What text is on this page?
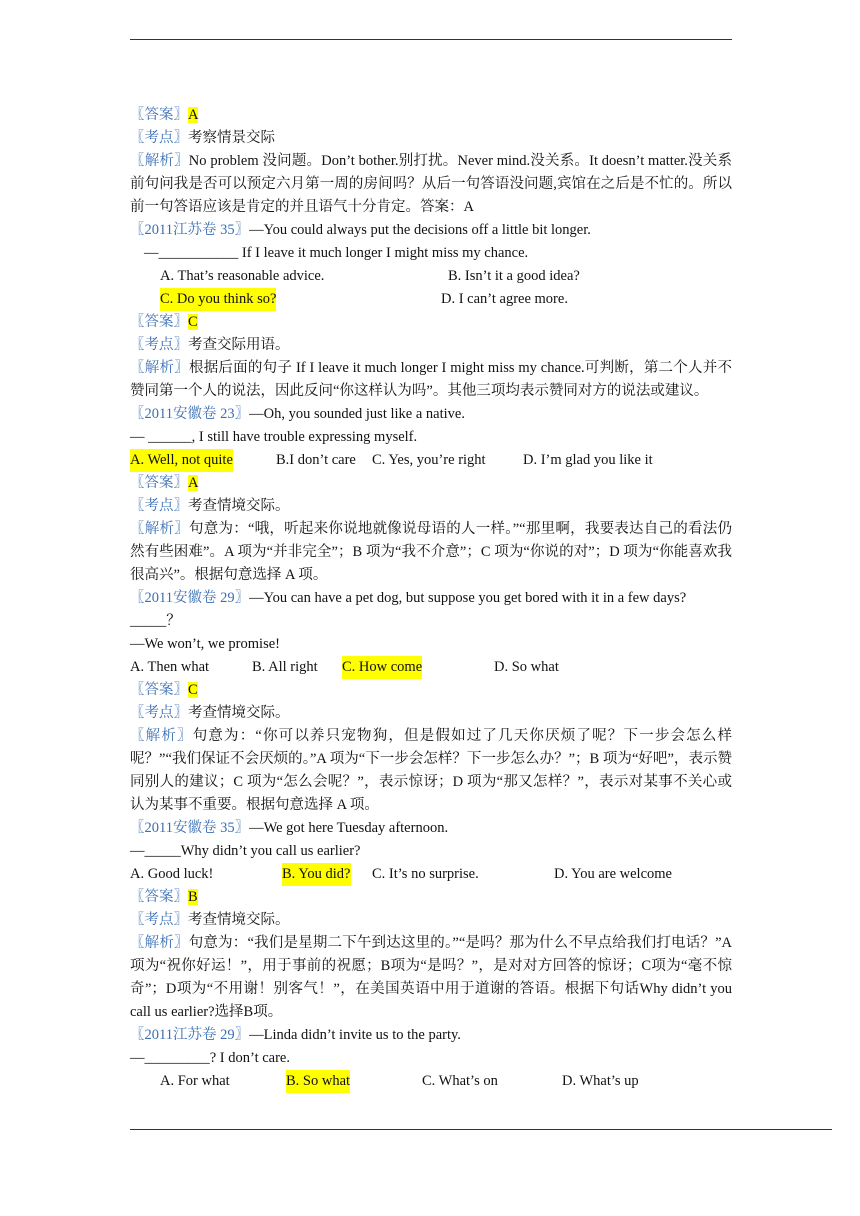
〖答案〗A
〖考点〗考察情景交际
〖解析〗No problem 没问题。Don’t bother.别打扰。Never mind.没关系。It doesn’t matter.没关系前句问我是否可以预定六月第一周的房间吗？从后一句答语没问题,宾馆在之后是不忙的。所以前一句答语应该是肯定的并且语气十分肯定。答案：A
〖2011江苏卷 35〗—You could always put the decisions off a little bit longer.
—___________ If I leave it much longer I might miss my chance.
A. That’s reasonable advice.	B. Isn’t it a good idea?
C. Do you think so?	D. I can’t agree more.
〖答案〗C
〖考点〗考查交际用语。
〖解析〗根据后面的句子 If I leave it much longer I might miss my chance.可判断，第二个人并不赞同第一个人的说法，因此反问“你这样认为吗”。其他三项均表示赞同对方的说法或建议。
〖2011安徽卷 23〗—Oh, you sounded just like a native.
— ______, I still have trouble expressing myself.
A. Well, not quite	B.I don’t care C. Yes, you’re right	D. I’m glad you like it
〖答案〗A
〖考点〗考查情境交际。
〖解析〗句意为：“哦，听起来你说地就像说母语的人一样。”“那里啊，我要表达自己的看法仍然有些困难”。A 项为“并非完全”；B 项为“我不介意”；C 项为“你说的对”；D 项为“你能喜欢我很高兴”。根据句意选择 A 项。
〖2011安徽卷 29〗—You can have a pet dog, but suppose you get bored with it in a few days?
_____？
—We won’t, we promise!
A. Then what	B. All right C. How come	D. So what
〖答案〗C
〖考点〗考查情境交际。
〖解析〗句意为：“你可以养只宠物狗，但是假如过了几天你厌烦了呢？下一步会怎么样呢？”“我们保证不会厌烦的。”A 项为“下一步会怎样？下一步怎么办？”；B 项为“好吧”，表示赞同别人的建议；C 项为“怎么会呢？”，表示惊讶；D 项为“那又怎样？”，表示对某事不关心或认为某事不重要。根据句意选择 A 项。
〖2011安徽卷 35〗—We got here Tuesday afternoon.
—_____Why didn’t you call us earlier?
A. Good luck!	B. You did? C. It’s no surprise.	D. You are welcome
〖答案〗B
〖考点〗考查情境交际。
〖解析〗句意为：“我们是星期二下午到达这里的。”“是吗？那为什么不早点给我们打电话？”A项为“祝你好运！”，用于事前的祝愿；B项为“是吗？”，是对对方回答的惊讶；C项为“毫不惊奇”；D项为“不用谢！别客气！”，在美国英语中用于道谢的答语。根据下句话Why didn’t you call us earlier?选择B项。
〖2011江苏卷 29〗—Linda didn’t invite us to the party.
—_________? I don’t care.
A. For what	B. So what	C. What’s on	D. What’s up
